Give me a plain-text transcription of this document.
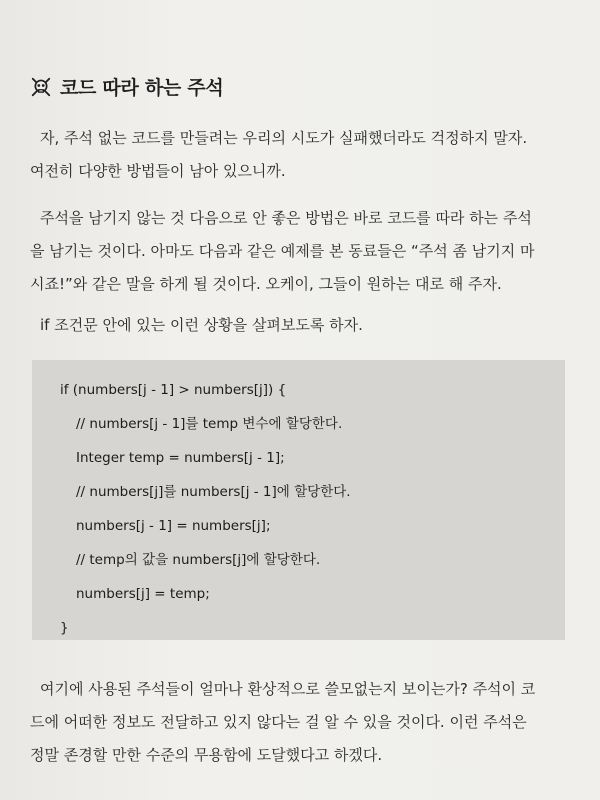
코드 따라 하는 주석
자, 주석 없는 코드를 만들려는 우리의 시도가 실패했더라도 걱정하지 말자.
여전히 다양한 방법들이 남아 있으니까.
주석을 남기지 않는 것 다음으로 안 좋은 방법은 바로 코드를 따라 하는 주석
을 남기는 것이다. 아마도 다음과 같은 예제를 본 동료들은 “주석 좀 남기지 마
시죠!”와 같은 말을 하게 될 것이다. 오케이, 그들이 원하는 대로 해 주자.
if 조건문 안에 있는 이런 상황을 살펴보도록 하자.
if (numbers[j - 1] > numbers[j]) {
// numbers[j - 1]를 temp 변수에 할당한다.
Integer temp = numbers[j - 1];
// numbers[j]를 numbers[j - 1]에 할당한다.
numbers[j - 1] = numbers[j];
// temp의 값을 numbers[j]에 할당한다.
numbers[j] = temp;
}
여기에 사용된 주석들이 얼마나 환상적으로 쓸모없는지 보이는가? 주석이 코
드에 어떠한 정보도 전달하고 있지 않다는 걸 알 수 있을 것이다. 이런 주석은
정말 존경할 만한 수준의 무용함에 도달했다고 하겠다.
